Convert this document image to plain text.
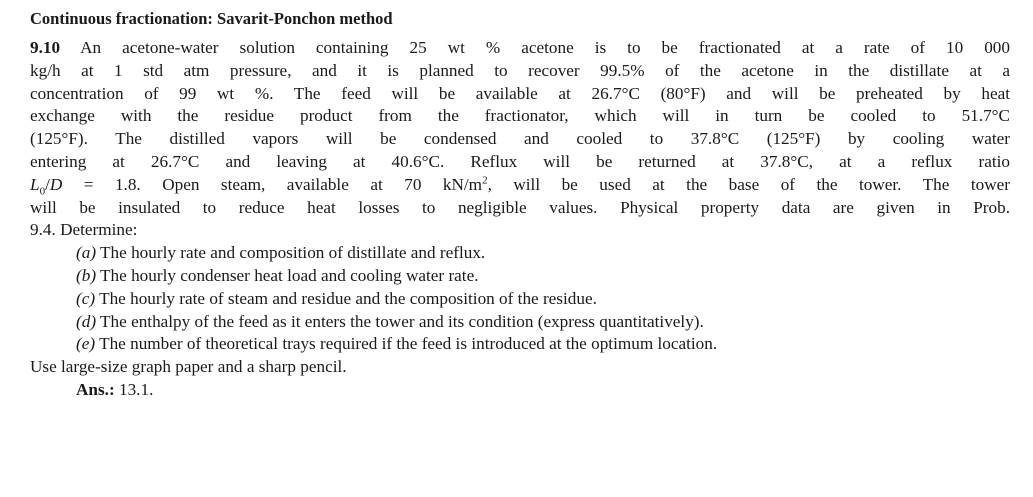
Continuous fractionation: Savarit-Ponchon method
9.10 An acetone-water solution containing 25 wt % acetone is to be fractionated at a rate of 10 000
kg/h at 1 std atm pressure, and it is planned to recover 99.5% of the acetone in the distillate at a
concentration of 99 wt %. The feed will be available at 26.7°C (80°F) and will be preheated by heat
exchange with the residue product from the fractionator, which will in turn be cooled to 51.7°C
(125°F). The distilled vapors will be condensed and cooled to 37.8°C (125°F) by cooling water
entering at 26.7°C and leaving at 40.6°C. Reflux will be returned at 37.8°C, at a reflux ratio
$L_0/D = 1.8$. Open steam, available at 70 $kN/m^2$, will be used at the base of the tower. The tower
will be insulated to reduce heat losses to negligible values. Physical property data are given in Prob.
9.4. Determine:
(a) The hourly rate and composition of distillate and reflux.
(b) The hourly condenser heat load and cooling water rate.
(c) The hourly rate of steam and residue and the composition of the residue.
(d) The enthalpy of the feed as it enters the tower and its condition (express quantitatively).
(e) The number of theoretical trays required if the feed is introduced at the optimum location.
Use large-size graph paper and a sharp pencil.
Ans.: 13.1.
